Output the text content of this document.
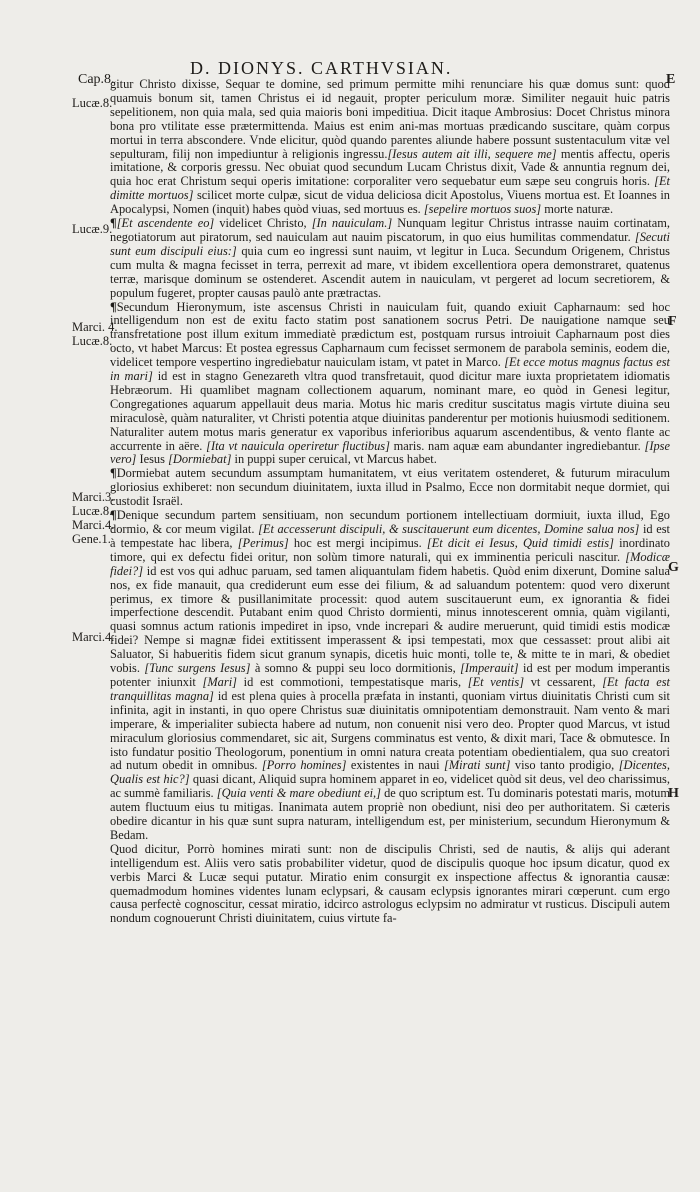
Cap.8.
D. DIONYS. CARTHVSIAN.
E
Lucæ.8.
Lucæ.9.
Marci. 4.
Lucæ.8.
Marci.3.
Lucæ.8.
Marci.4.
Gene.1.
Marci.4.
F
G
H

gitur Christo dixisse, Sequar te domine, sed primum permitte mihi renunciare his quæ domus sunt: quod quamuis bonum sit, tamen Christus ei id negauit, propter periculum moræ. Similiter negauit huic patris sepelitionem, non quia mala, sed quia maioris boni impeditiua. Dicit itaque Ambrosius: Docet Christus minora bona pro vtilitate esse prætermittenda. Maius est enim ani-mas mortuas prædicando suscitare, quàm corpus mortui in terra abscondere. Vnde elicitur, quòd quando parentes aliunde habere possunt sustentaculum vitæ vel sepulturam, filij non impediuntur à religionis ingressu.[Iesus autem ait illi, sequere me] mentis affectu, operis imitatione, & corporis gressu. Nec obuiat quod secundum Lucam Christus dixit, Vade & annuntia regnum dei, quia hoc erat Christum sequi operis imitatione: corporaliter vero sequebatur eum sæpe seu congruis horis. [Et dimitte mortuos] scilicet morte culpæ, sicut de vidua deliciosa dicit Apostolus, Viuens mortua est. Et Ioannes in Apocalypsi, Nomen (inquit) habes quòd viuas, sed mortuus es. [sepelire mortuos suos] morte naturæ.

¶[Et ascendente eo] videlicet Christo, [In nauiculam.] Nunquam legitur Christus intrasse nauim cortinatam, negotiatorum aut piratorum, sed nauiculam aut nauim piscatorum, in quo eius humilitas commendatur. [Secuti sunt eum discipuli eius:] quia cum eo ingressi sunt nauim, vt legitur in Luca. Secundum Origenem, Christus cum multa & magna fecisset in terra, perrexit ad mare, vt ibidem excellentiora opera demonstraret, quatenus terræ, marisque dominum se ostenderet. Ascendit autem in nauiculam, vt pergeret ad locum secretiorem, & populum fugeret, propter causas paulò ante prætractas.

¶Secundum Hieronymum, iste ascensus Christi in nauiculam fuit, quando exiuit Capharnaum: sed hoc intelligendum non est de exitu facto statim post sanationem socrus Petri. De nauigatione namque seu transfretatione post illum exitum immediatè prædictum est, postquam rursus introiuit Capharnaum post dies octo, vt habet Marcus: Et postea egressus Capharnaum cum fecisset sermonem de parabola seminis, eodem die, videlicet tempore vespertino ingrediebatur nauiculam istam, vt patet in Marco. [Et ecce motus magnus factus est in mari] id est in stagno Genezareth vltra quod transfretauit, quod dicitur mare iuxta proprietatem idiomatis Hebræorum. Hi quamlibet magnam collectionem aquarum, nominant mare, eo quòd in Genesi legitur, Congregationes aquarum appellauit deus maria. Motus hic maris creditur suscitatus magis virtute diuina seu miraculosè, quàm naturaliter, vt Christi potentia atque diuinitas panderentur per motionis huiusmodi seditionem. Naturaliter autem motus maris generatur ex vaporibus inferioribus aquarum ascendentibus, & vento flante ac accurrente in aëre. [Ita vt nauicula operiretur fluctibus] maris. nam aquæ eam abundanter ingrediebantur. [Ipse vero] Iesus [Dormiebat] in puppi super ceruical, vt Marcus habet.

¶Dormiebat autem secundum assumptam humanitatem, vt eius veritatem ostenderet, & futurum miraculum gloriosius exhiberet: non secundum diuinitatem, iuxta illud in Psalmo, Ecce non dormitabit neque dormiet, qui custodit Israël.

¶Denique secundum partem sensitiuam, non secundum portionem intellectiuam dormiuit, iuxta illud, Ego dormio, & cor meum vigilat. [Et accesserunt discipuli, & suscitauerunt eum dicentes, Domine salua nos] id est à tempestate hac libera, [Perimus] hoc est mergi incipimus. [Et dicit ei Iesus, Quid timidi estis] inordinato timore, qui ex defectu fidei oritur, non solùm timore naturali, qui ex imminentia periculi nascitur. [Modicæ fidei?] id est vos qui adhuc paruam, sed tamen aliquantulam fidem habetis. Quòd enim dixerunt, Domine salua nos, ex fide manauit, qua crediderunt eum esse dei filium, & ad saluandum potentem: quod vero dixerunt perimus, ex timore & pusillanimitate processit: quod autem suscitauerunt eum, ex ignorantia & fidei imperfectione descendit. Putabant enim quod Christo dormienti, minus innotescerent omnia, quàm vigilanti, quasi somnus actum rationis impediret in ipso, vnde increpari & audire meruerunt, quid timidi estis modicæ fidei? Nempe si magnæ fidei extitissent imperassent & ipsi tempestati, mox que cessasset: prout alibi ait Saluator, Si habueritis fidem sicut granum synapis, dicetis huic monti, tolle te, & mitte te in mari, & obediet vobis. [Tunc surgens Iesus] à somno & puppi seu loco dormitionis, [Imperauit] id est per modum imperantis potenter iniunxit [Mari] id est commotioni, tempestatisque maris, [Et ventis] vt cessarent, [Et facta est tranquillitas magna] id est plena quies à procella præfata in instanti, quoniam virtus diuinitatis Christi cum sit infinita, agit in instanti, in quo opere Christus suæ diuinitatis omnipotentiam demonstrauit. Nam vento & mari imperare, & imperialiter subiecta habere ad nutum, non conuenit nisi vero deo. Propter quod Marcus, vt istud miraculum gloriosius commendaret, sic ait, Surgens comminatus est vento, & dixit mari, Tace & obmutesce. In isto fundatur positio Theologorum, ponentium in omni natura creata potentiam obedientialem, qua suo creatori ad nutum obedit in omnibus. [Porro homines] existentes in naui [Mirati sunt] viso tanto prodigio, [Dicentes, Qualis est hic?] quasi dicant, Aliquid supra hominem apparet in eo, videlicet quòd sit deus, vel deo charissimus, ac summè familiaris. [Quia venti & mare obediunt ei,] de quo scriptum est. Tu dominaris potestati maris, motum autem fluctuum eius tu mitigas. Inanimata autem propriè non obediunt, nisi deo per authoritatem. Si cæteris obedire dicantur in his quæ sunt supra naturam, intelligendum est, per ministerium, secundum Hieronymum & Bedam.

Quod dicitur, Porrò homines mirati sunt: non de discipulis Christi, sed de nautis, & alijs qui aderant intelligendum est. Aliis vero satis probabiliter videtur, quod de discipulis quoque hoc ipsum dicatur, quod ex verbis Marci & Lucæ sequi putatur. Miratio enim consurgit ex inspectione affectus & ignorantia causæ: quemadmodum homines videntes lunam eclypsari, & causam eclypsis ignorantes mirari cœperunt. cum ergo causa perfectè cognoscitur, cessat miratio, idcirco astrologus eclypsim no admiratur vt rusticus. Discipuli autem nondum cognouerunt Christi diuinitatem, cuius virtute fa-
